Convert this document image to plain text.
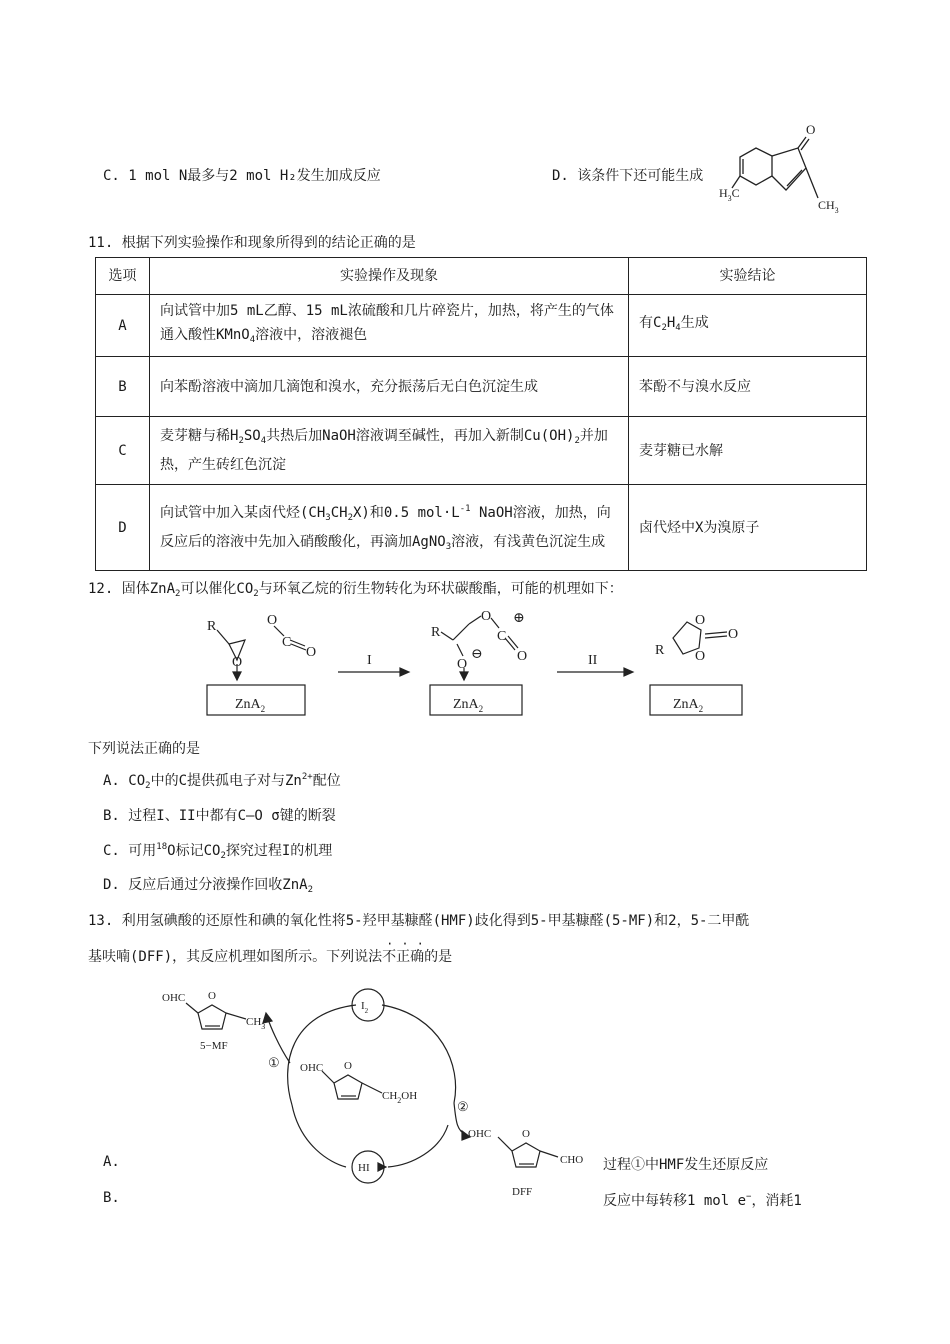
C. 1 mol N最多与2 mol H₂发生加成反应	D. 该条件下还可能生成
O
$H_3C$
$CH_3$
11. 根据下列实验操作和现象所得到的结论正确的是
选项	实验操作及现象	实验结论
A	向试管中加5 mL乙醇、15 mL浓硫酸和几片碎瓷片，加热，将产生的气体通入酸性KMnO$_4$溶液中，溶液褪色	有$C_2H_4$生成
B	向苯酚溶液中滴加几滴饱和溴水，充分振荡后无白色沉淀生成	苯酚不与溴水反应
C	麦芽糖与稀$H_2SO_4$共热后加NaOH溶液调至碱性，再加入新制$Cu(OH)_2$并加热，产生砖红色沉淀	麦芽糖已水解
D	向试管中加入某卤代烃$(CH_3CH_2X)$和0.5 $mol\cdot L^{-1}$ NaOH溶液，加热，向反应后的溶液中先加入硝酸酸化，再滴加AgNO$_3$溶液，有浅黄色沉淀生成	卤代烃中X为溴原子
12. 固体ZnA$_2$可以催化$CO_2$与环氧乙烷的衍生物转化为环状碳酸酯，可能的机理如下：
R
O
O
C
O
ZnA$_2$
I	II
R
O
C
⊕
O
O
⊖
ZnA$_2$
R
O
O
O
ZnA$_2$
下列说法正确的是
A. $CO_2$中的C提供孤电子对与$Zn^{2+}$配位
B. 过程I、II中都有C—O σ键的断裂
C. 可用$^{18}$O标记$CO_2$探究过程I的机理
D. 反应后通过分液操作回收ZnA$_2$
13. 利用氢碘酸的还原性和碘的氧化性将5-羟甲基糠醛(HMF)歧化得到5-甲基糠醛(5-MF)和2，5-二甲酰
基呋喃(DFF)，其反应机理如图所示。下列说法
···
不正确的是
OHC O
$CH_3$
5−MF
$I_2$
HI
①
②
OHC O
$CH_2OH$
OHC	O
CHO
DFF
A.	过程①中HMF发生还原反应
B.	反应中每转移1 mol e−，消耗1
